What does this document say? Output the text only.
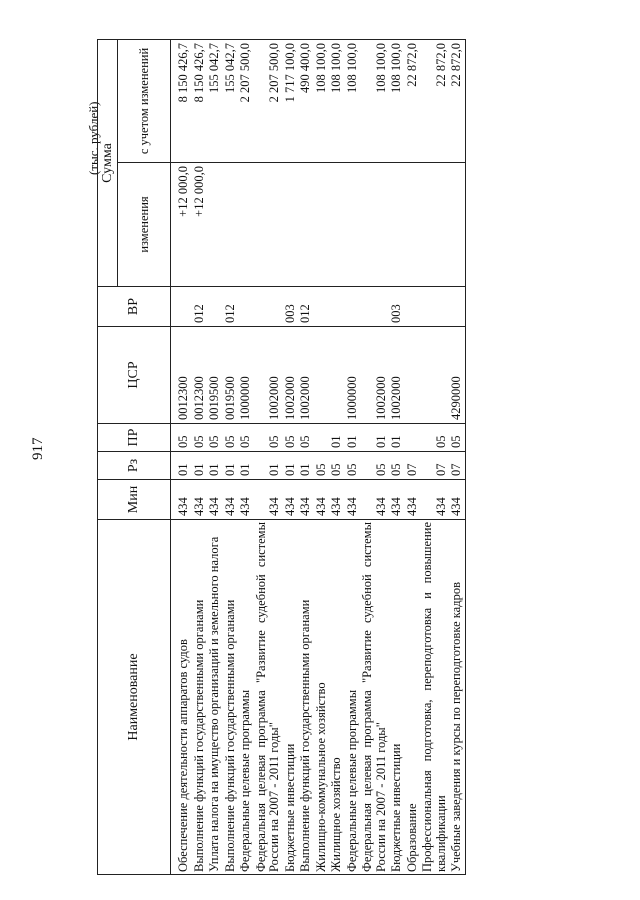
917
(тыс. рублей)
Наименование	Мин	Рз	ПР	ЦСР	ВР	Сумма	
						изменения	с учетом изменений
Обеспечение деятельности аппаратов судов	434	01	05	0012300		+12 000,0	8 150 426,7
Выполнение функций государственными органами	434	01	05	0012300	012	+12 000,0	8 150 426,7
Уплата налога на имущество организаций и земельного налога	434	01	05	0019500			155 042,7
Выполнение функций государственными органами	434	01	05	0019500	012		155 042,7
Федеральные целевые программы	434	01	05	1000000			2 207 500,0
Федеральная целевая программа "Развитие судебной системы России на 2007 - 2011 годы"	434	01	05	1002000			2 207 500,0
Бюджетные инвестиции	434	01	05	1002000	003		1 717 100,0
Выполнение функций государственными органами	434	01	05	1002000	012		490 400,0
Жилищно-коммунальное хозяйство	434	05					108 100,0
Жилищное хозяйство	434	05	01				108 100,0
Федеральные целевые программы	434	05	01	1000000			108 100,0
Федеральная целевая программа "Развитие судебной системы России на 2007 - 2011 годы"	434	05	01	1002000			108 100,0
Бюджетные инвестиции	434	05	01	1002000	003		108 100,0
Образование	434	07					22 872,0
Профессиональная подготовка, переподготовка и повышение квалификации	434	07	05				22 872,0
Учебные заведения и курсы по переподготовке кадров	434	07	05	4290000			22 872,0
